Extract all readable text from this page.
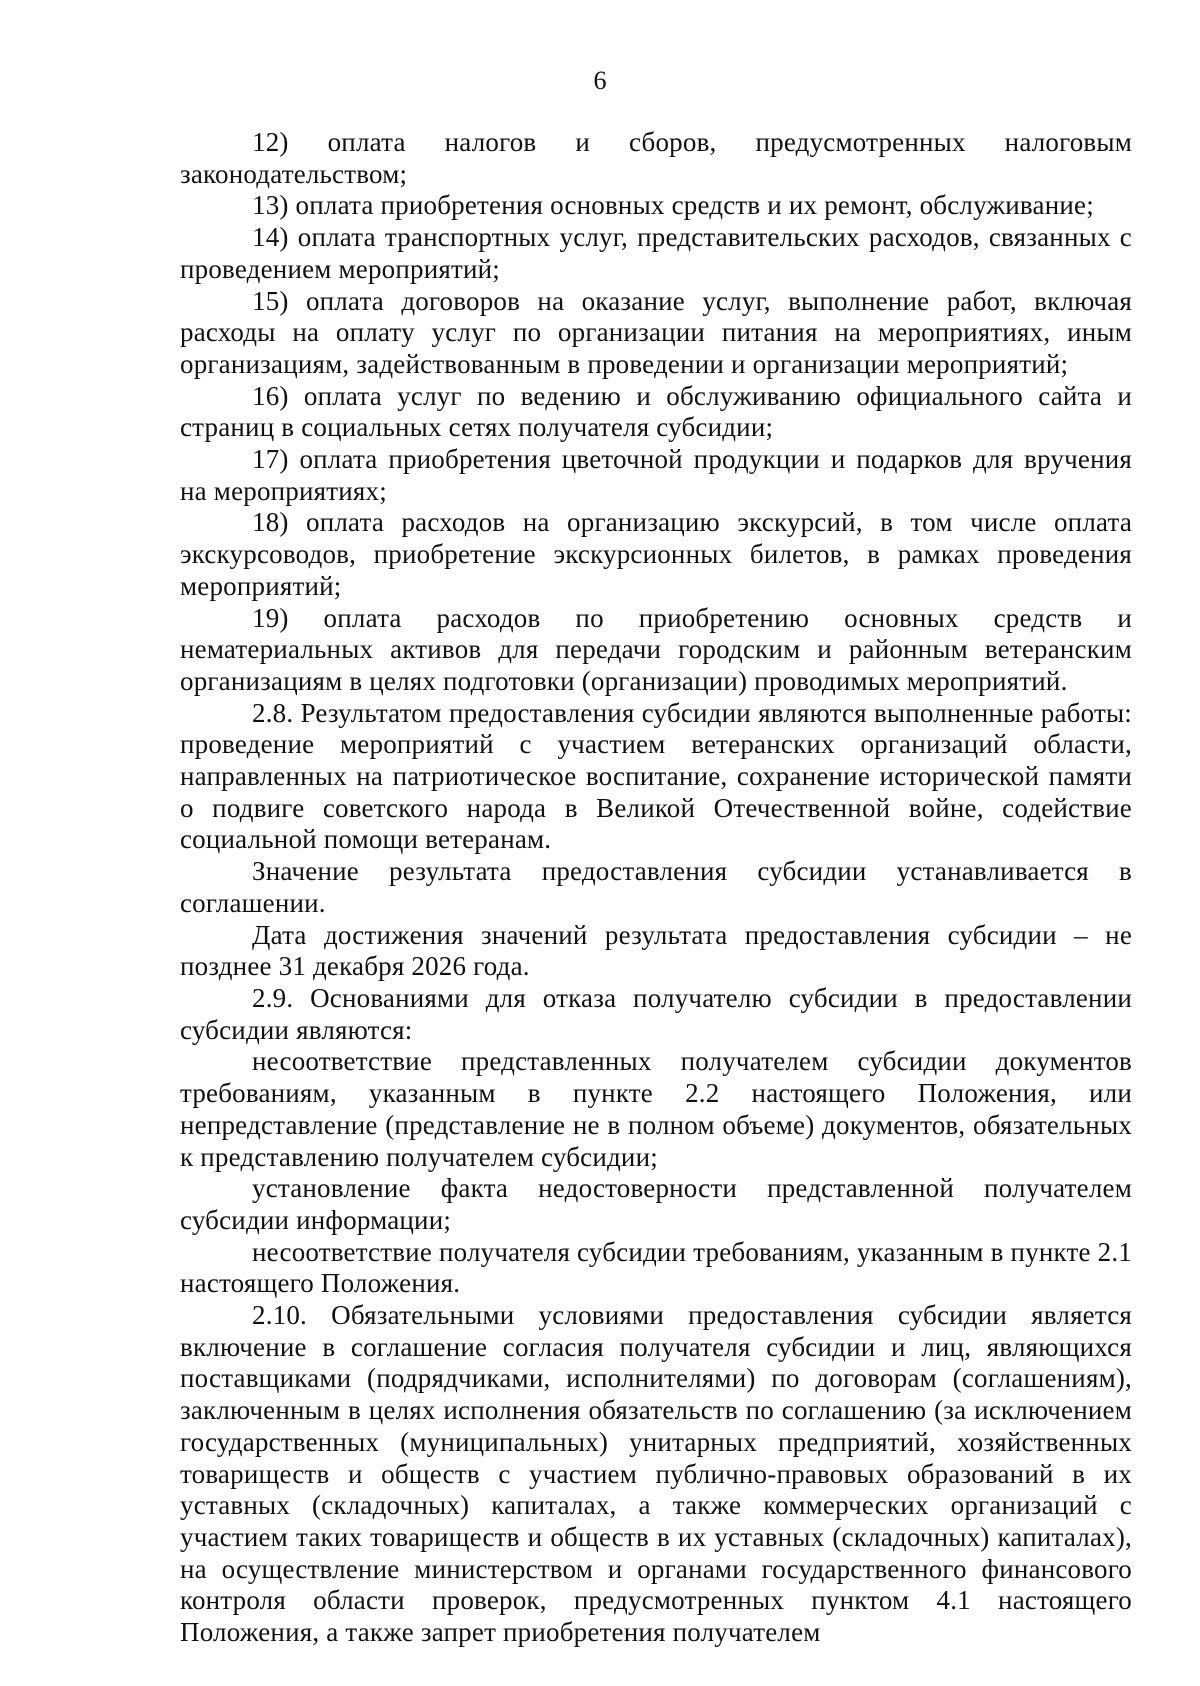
6

12) оплата налогов и сборов, предусмотренных налоговым законодательством;

13) оплата приобретения основных средств и их ремонт, обслуживание;

14) оплата транспортных услуг, представительских расходов, связанных с проведением мероприятий;

15) оплата договоров на оказание услуг, выполнение работ, включая расходы на оплату услуг по организации питания на мероприятиях, иным организациям, задействованным в проведении и организации мероприятий;

16) оплата услуг по ведению и обслуживанию официального сайта и страниц в социальных сетях получателя субсидии;

17) оплата приобретения цветочной продукции и подарков для вручения на мероприятиях;

18) оплата расходов на организацию экскурсий, в том числе оплата экскурсоводов, приобретение экскурсионных билетов, в рамках проведения мероприятий;

19) оплата расходов по приобретению основных средств и нематериальных активов для передачи городским и районным ветеранским организациям в целях подготовки (организации) проводимых мероприятий.

2.8. Результатом предоставления субсидии являются выполненные работы: проведение мероприятий с участием ветеранских организаций области, направленных на патриотическое воспитание, сохранение исторической памяти о подвиге советского народа в Великой Отечественной войне, содействие социальной помощи ветеранам.

Значение результата предоставления субсидии устанавливается в соглашении.

Дата достижения значений результата предоставления субсидии – не позднее 31 декабря 2026 года.

2.9. Основаниями для отказа получателю субсидии в предоставлении субсидии являются:

несоответствие представленных получателем субсидии документов требованиям, указанным в пункте 2.2 настоящего Положения, или непредставление (представление не в полном объеме) документов, обязательных к представлению получателем субсидии;

установление факта недостоверности представленной получателем субсидии информации;

несоответствие получателя субсидии требованиям, указанным в пункте 2.1 настоящего Положения.

2.10. Обязательными условиями предоставления субсидии является включение в соглашение согласия получателя субсидии и лиц, являющихся поставщиками (подрядчиками, исполнителями) по договорам (соглашениям), заключенным в целях исполнения обязательств по соглашению (за исключением государственных (муниципальных) унитарных предприятий, хозяйственных товариществ и обществ с участием публично-правовых образований в их уставных (складочных) капиталах, а также коммерческих организаций с участием таких товариществ и обществ в их уставных (складочных) капиталах), на осуществление министерством и органами государственного финансового контроля области проверок, предусмотренных пунктом 4.1 настоящего Положения, а также запрет приобретения получателем
